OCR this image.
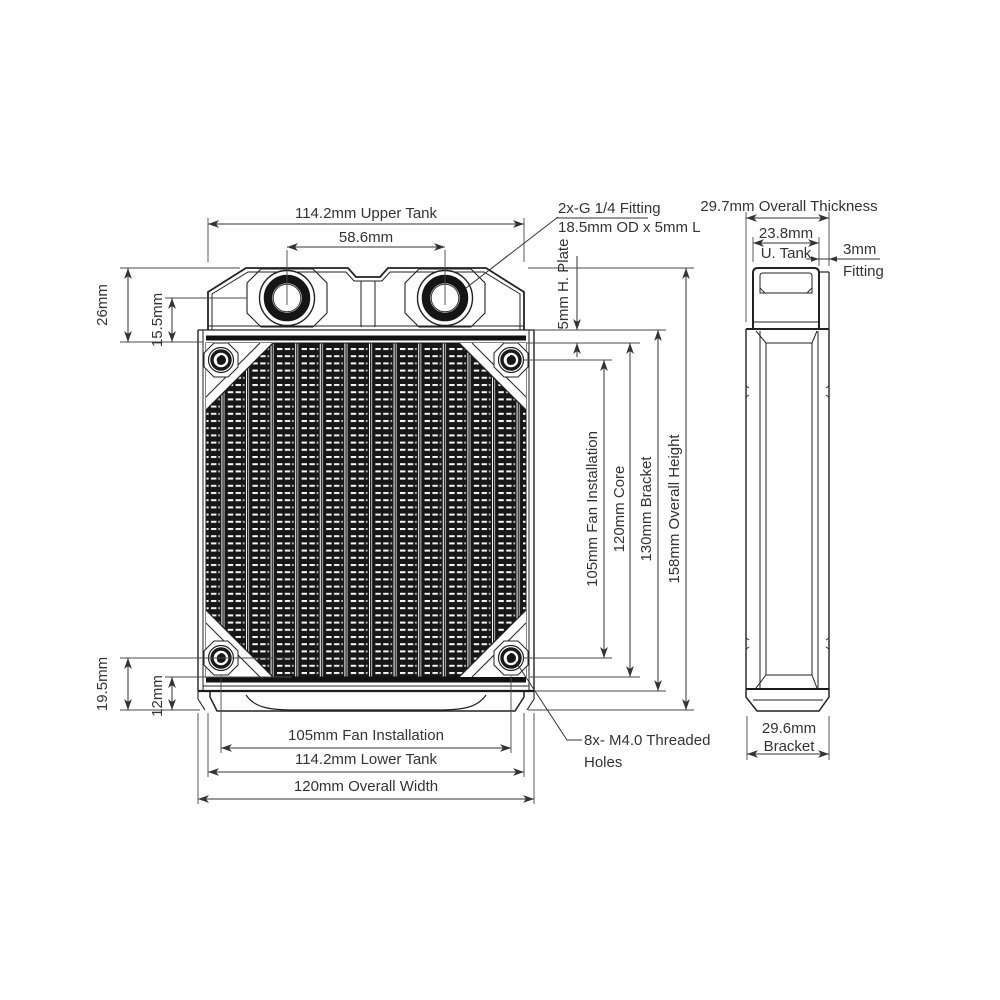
114.2mm Upper Tank
58.6mm
2x-G 1/4 Fitting
18.5mm OD x 5mm L
26mm	15.5mm	5mm H. Plate
105mm Fan Installation 120mm Core 130mm Bracket 158mm Overall Height
19.5mm	12mm
105mm Fan Installation
114.2mm Lower Tank
120mm Overall Width
8x- M4.0 Threaded
Holes
29.7mm Overall Thickness
23.8mm
U. Tank 3mm
Fitting
29.6mm
Bracket
